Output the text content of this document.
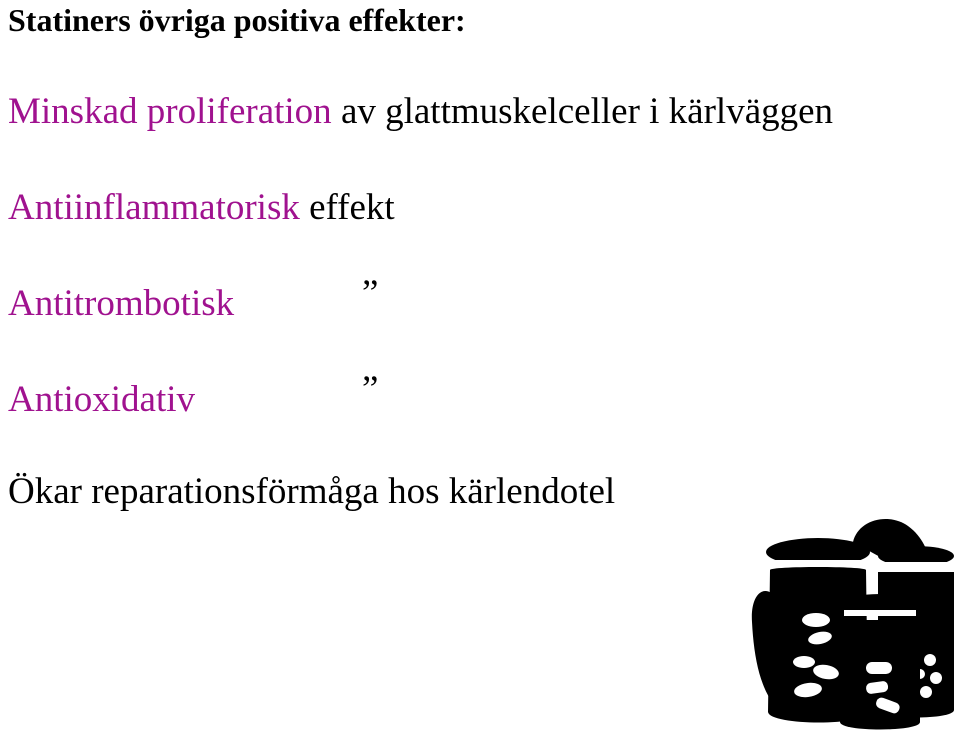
Statiners övriga positiva effekter:
Minskad proliferation av glattmuskelceller i kärlväggen
Antiinflammatorisk effekt
Antitrombotisk	”
Antioxidativ	”
Ökar reparationsförmåga hos kärlendotel
